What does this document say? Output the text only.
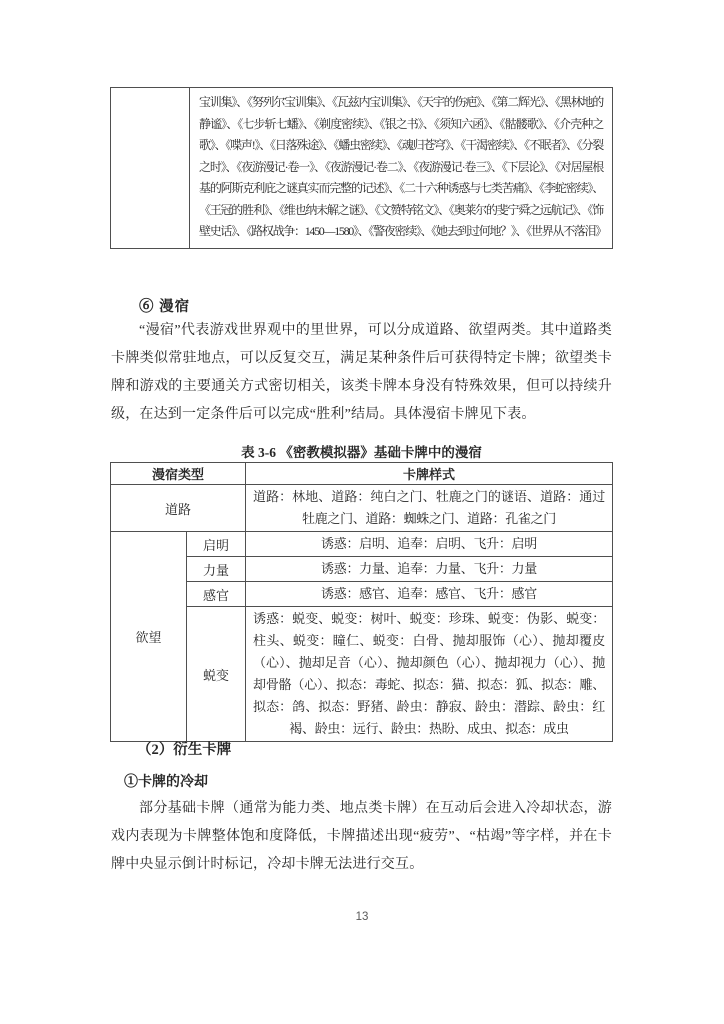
	宝训集》、《努列尔宝训集》、《瓦兹内宝训集》、《天宇的伤疤》、《第二辉光》、《黑林地的静谧》、《七步斩七蟠》、《剃度密续》、《银之书》、《须知六函》、《骷髅歌》、《介壳种之歌》、《喋声!》、《日落殊途》、《蟠虫密续》、《魂归苍穹》、《干渴密续》、《不眠者》、《分裂之时》、《夜游漫记·卷一》、《夜游漫记·卷二》、《夜游漫记·卷三》、《下层论》、《对居屋根基的阿斯克利庇之谜真实而完整的记述》、《二十六种诱惑与七类苦痛》、《李蛇密续》、《王冠的胜利》、《维也纳未解之谜》、《文赞特铭文》、《奥莱尔的斐宁舜之远航记》、《饰壁史话》、《路权战争：1450—1580》、《警夜密续》、《她去到过何地？》、《世界从不落泪》
⑥ 漫宿
“漫宿”代表游戏世界观中的里世界，可以分成道路、欲望两类。其中道路类卡牌类似常驻地点，可以反复交互，满足某种条件后可获得特定卡牌；欲望类卡牌和游戏的主要通关方式密切相关，该类卡牌本身没有特殊效果，但可以持续升级，在达到一定条件后可以完成“胜利”结局。具体漫宿卡牌见下表。
表 3-6 《密教模拟器》基础卡牌中的漫宿
漫宿类型		卡牌样式
道路		道路：林地、道路：纯白之门、牡鹿之门的谜语、道路：通过牡鹿之门、道路：蜘蛛之门、道路：孔雀之门
欲望	启明	诱惑：启明、追奉：启明、飞升：启明
	力量	诱惑：力量、追奉：力量、飞升：力量
	感官	诱惑：感官、追奉：感官、飞升：感官
	蜕变	诱惑：蜕变、蜕变：树叶、蜕变：珍珠、蜕变：伪影、蜕变：柱头、蜕变：瞳仁、蜕变：白骨、抛却服饰（心）、抛却覆皮（心）、抛却足音（心）、抛却颜色（心）、抛却视力（心）、抛却骨骼（心）、拟态：毒蛇、拟态：猫、拟态：狐、拟态：雕、拟态：鸽、拟态：野猪、龄虫：静寂、龄虫：潜踪、龄虫：红褐、龄虫：远行、龄虫：热盼、成虫、拟态：成虫
（2）衍生卡牌
①卡牌的冷却
部分基础卡牌（通常为能力类、地点类卡牌）在互动后会进入冷却状态，游戏内表现为卡牌整体饱和度降低，卡牌描述出现“疲劳”、“枯竭”等字样，并在卡牌中央显示倒计时标记，冷却卡牌无法进行交互。
13
